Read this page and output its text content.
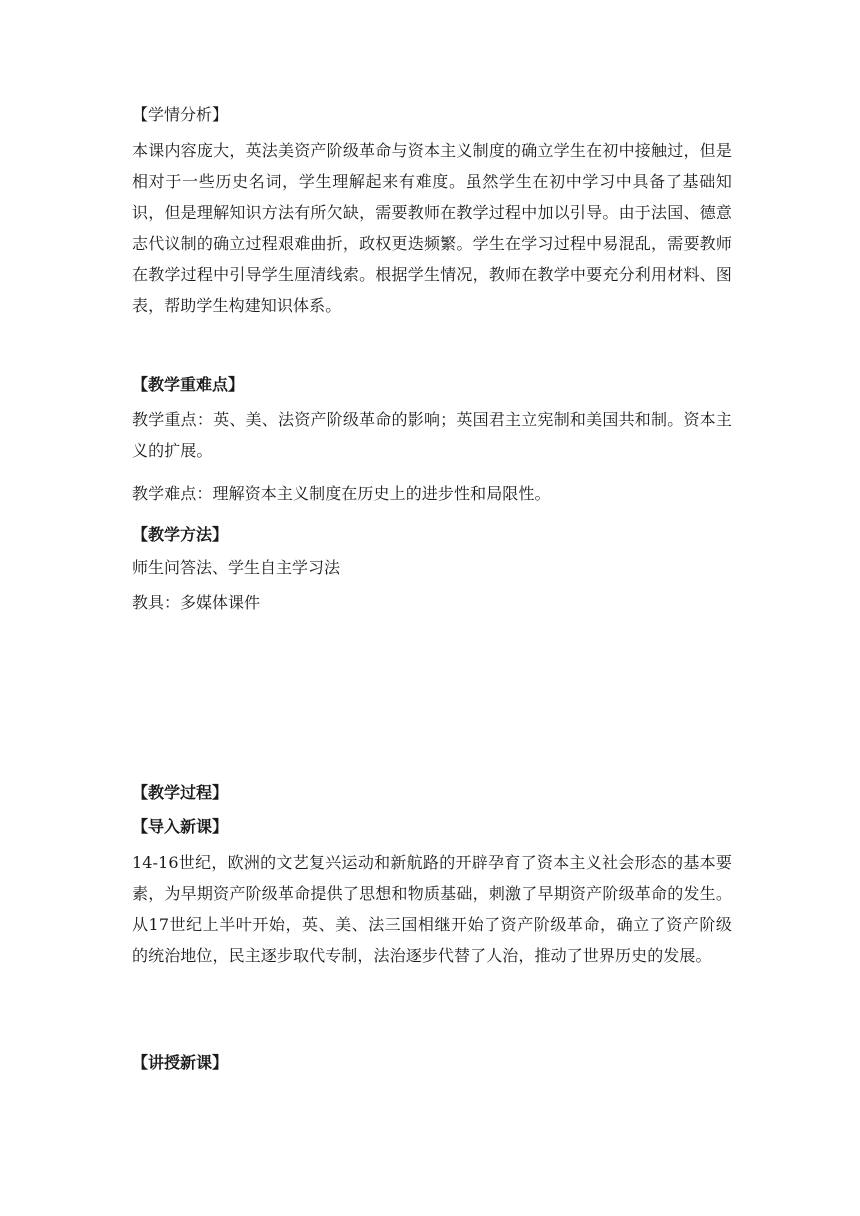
【学情分析】
本课内容庞大，英法美资产阶级革命与资本主义制度的确立学生在初中接触过，但是相对于一些历史名词，学生理解起来有难度。虽然学生在初中学习中具备了基础知识，但是理解知识方法有所欠缺，需要教师在教学过程中加以引导。由于法国、德意志代议制的确立过程艰难曲折，政权更迭频繁。学生在学习过程中易混乱，需要教师在教学过程中引导学生厘清线索。根据学生情况，教师在教学中要充分利用材料、图表，帮助学生构建知识体系。
【教学重难点】
教学重点：英、美、法资产阶级革命的影响；英国君主立宪制和美国共和制。资本主义的扩展。
教学难点：理解资本主义制度在历史上的进步性和局限性。
【教学方法】
师生问答法、学生自主学习法
教具：多媒体课件
【教学过程】
【导入新课】
14-16世纪，欧洲的文艺复兴运动和新航路的开辟孕育了资本主义社会形态的基本要素，为早期资产阶级革命提供了思想和物质基础，刺激了早期资产阶级革命的发生。从17世纪上半叶开始，英、美、法三国相继开始了资产阶级革命，确立了资产阶级的统治地位，民主逐步取代专制，法治逐步代替了人治，推动了世界历史的发展。
【讲授新课】
